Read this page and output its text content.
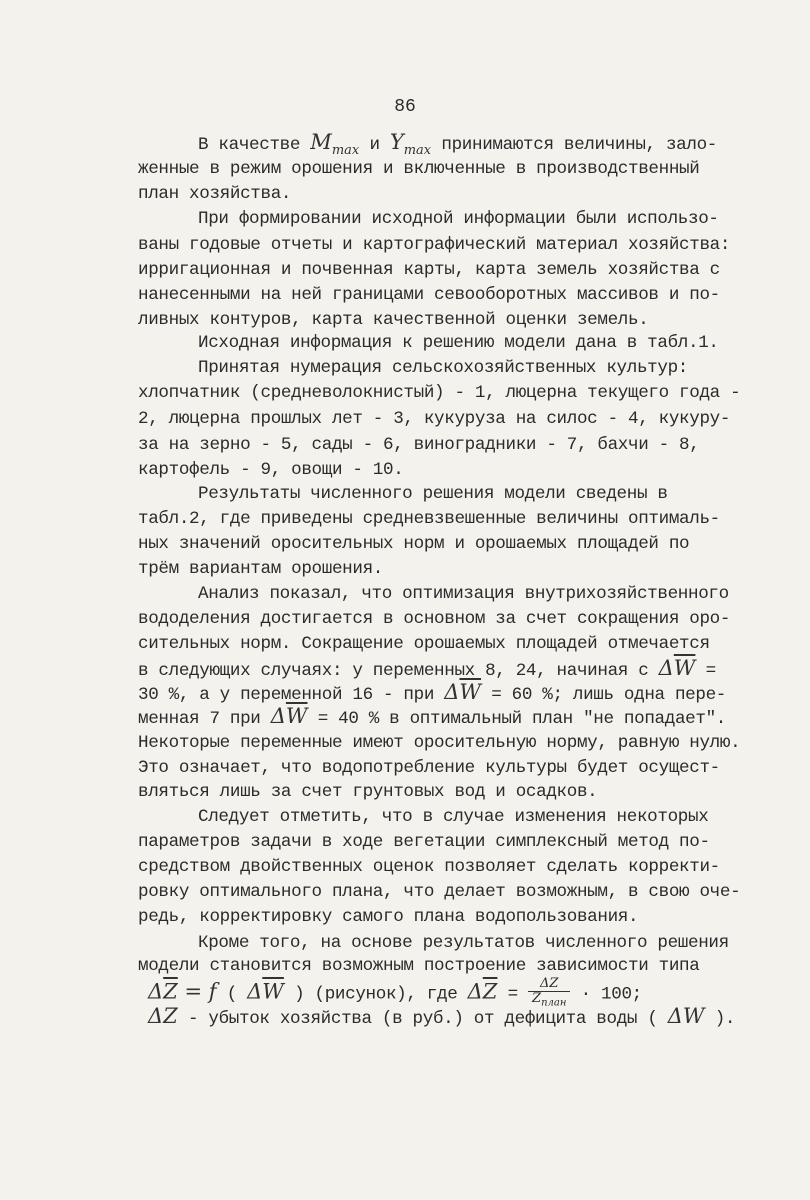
86
В качестве $M_{max}$ и $Y_{max}$ принимаются величины, зало-
женные в режим орошения и включенные в производственный
план хозяйства.
При формировании исходной информации были использо-
ваны годовые отчеты и картографический материал хозяйства:
ирригационная и почвенная карты, карта земель хозяйства с
нанесенными на ней границами севооборотных массивов и по-
ливных контуров, карта качественной оценки земель.
Исходная информация к решению модели дана в табл.1.
Принятая нумерация сельскохозяйственных культур:
хлопчатник (средневолокнистый) - 1, люцерна текущего года -
2, люцерна прошлых лет - 3, кукуруза на силос - 4, кукуру-
за на зерно - 5, сады - 6, виноградники - 7, бахчи - 8,
картофель - 9, овощи - 10.
Результаты численного решения модели сведены в
табл.2, где приведены средневзвешенные величины оптималь-
ных значений оросительных норм и орошаемых площадей по
трём вариантам орошения.
Анализ показал, что оптимизация внутрихозяйственного
вододеления достигается в основном за счет сокращения оро-
сительных норм. Сокращение орошаемых площадей отмечается
в следующих случаях: у переменных 8, 24, начиная с $\Delta\overline{W}$ =
30 %, а у переменной 16 - при $\Delta\overline{W} = 60$ %; лишь одна пере-
менная 7 при $\Delta\overline{W} = 40$ % в оптимальный план "не попадает".
Некоторые переменные имеют оросительную норму, равную нулю.
Это означает, что водопотребление культуры будет осущест-
вляться лишь за счет грунтовых вод и осадков.
Следует отметить, что в случае изменения некоторых
параметров задачи в ходе вегетации симплексный метод по-
средством двойственных оценок позволяет сделать корректи-
ровку оптимального плана, что делает возможным, в свою оче-
редь, корректировку самого плана водопользования.
Кроме того, на основе результатов численного решения
модели становится возможным построение зависимости типа
$\Delta\overline{Z} = f$ ( $\Delta\overline{W}$ ) (рисунок), где $\Delta\overline{Z} = \frac{\Delta Z}{Z_{план}} \cdot 100$;
ΔZ - убыток хозяйства (в руб.) от дефицита воды ( ΔW ).
